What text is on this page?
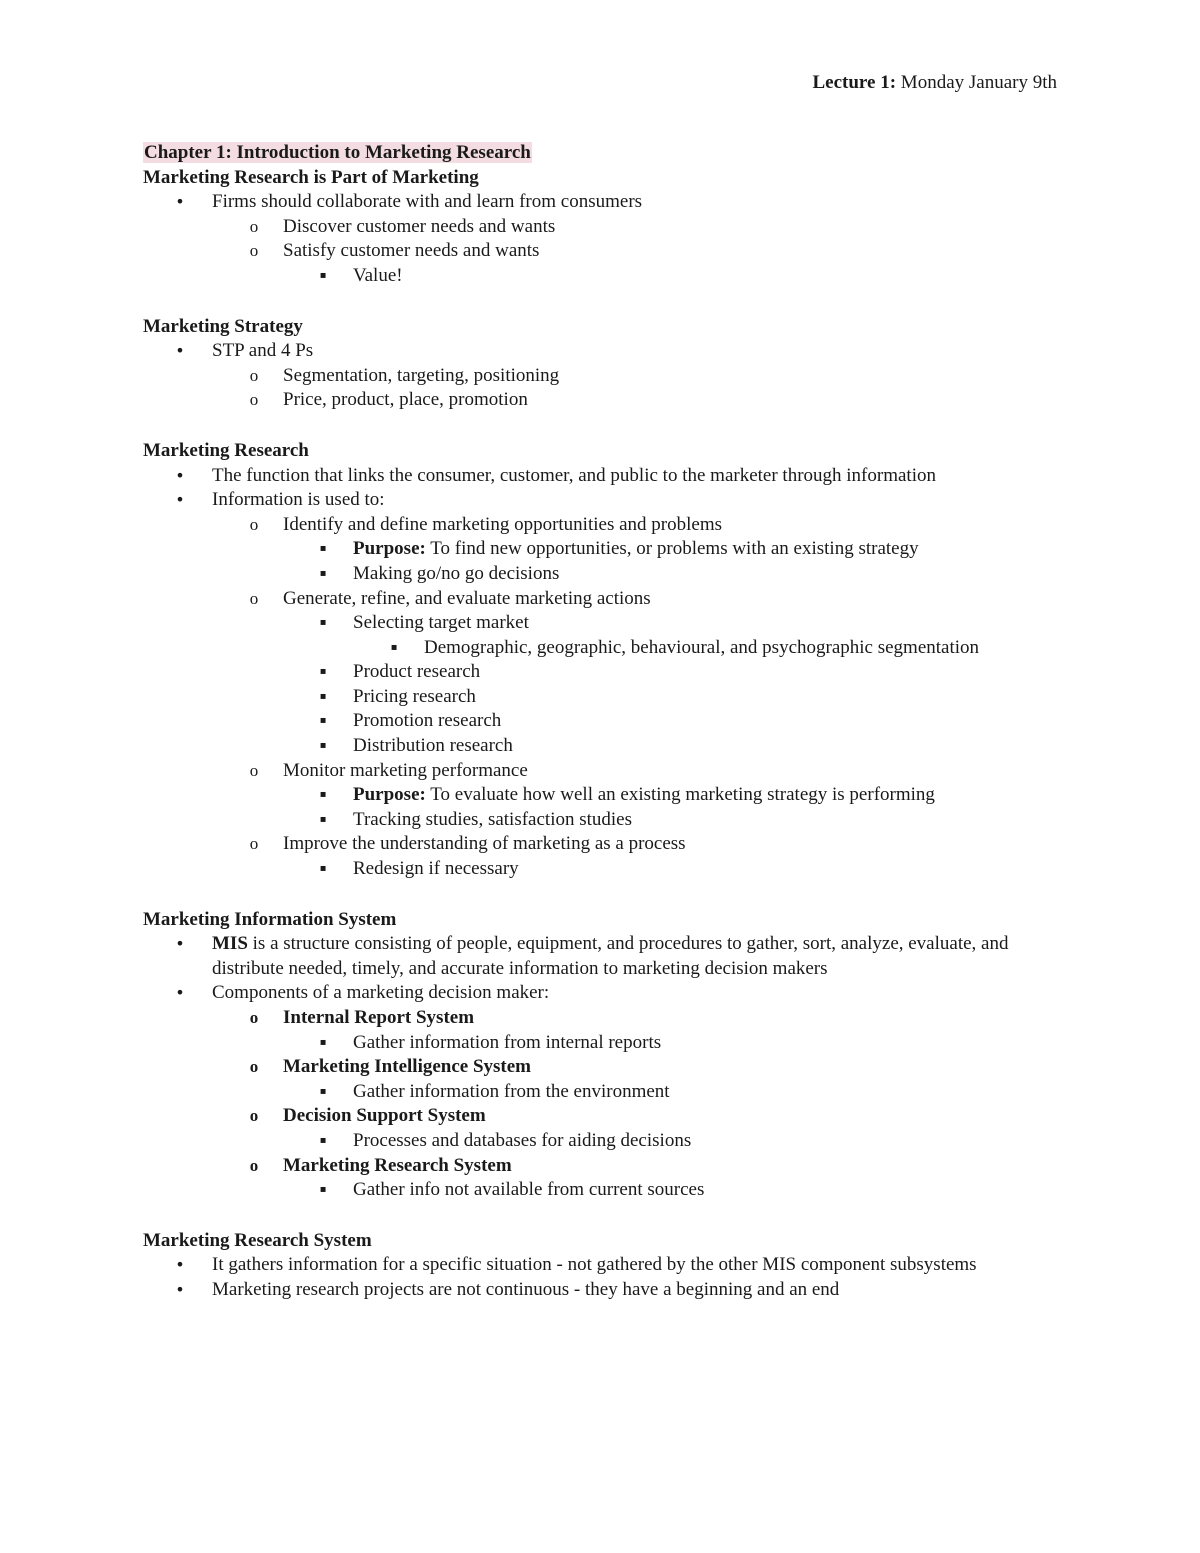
Lecture 1: Monday January 9th
Chapter 1: Introduction to Marketing Research
Marketing Research is Part of Marketing
•	Firms should collaborate with and learn from consumers
o	Discover customer needs and wants
o	Satisfy customer needs and wants
▪	Value!
Marketing Strategy
•	STP and 4 Ps
o	Segmentation, targeting, positioning
o	Price, product, place, promotion
Marketing Research
•	The function that links the consumer, customer, and public to the marketer through information
•	Information is used to:
o	Identify and define marketing opportunities and problems
▪	Purpose: To find new opportunities, or problems with an existing strategy
▪	Making go/no go decisions
o	Generate, refine, and evaluate marketing actions
▪	Selecting target market
▪	Demographic, geographic, behavioural, and psychographic segmentation
▪	Product research
▪	Pricing research
▪	Promotion research
▪	Distribution research
o	Monitor marketing performance
▪	Purpose: To evaluate how well an existing marketing strategy is performing
▪	Tracking studies, satisfaction studies
o	Improve the understanding of marketing as a process
▪	Redesign if necessary
Marketing Information System
•	MIS is a structure consisting of people, equipment, and procedures to gather, sort, analyze, evaluate, and distribute needed, timely, and accurate information to marketing decision makers
•	Components of a marketing decision maker:
o	Internal Report System
▪	Gather information from internal reports
o	Marketing Intelligence System
▪	Gather information from the environment
o	Decision Support System
▪	Processes and databases for aiding decisions
o	Marketing Research System
▪	Gather info not available from current sources
Marketing Research System
•	It gathers information for a specific situation - not gathered by the other MIS component subsystems
•	Marketing research projects are not continuous - they have a beginning and an end
